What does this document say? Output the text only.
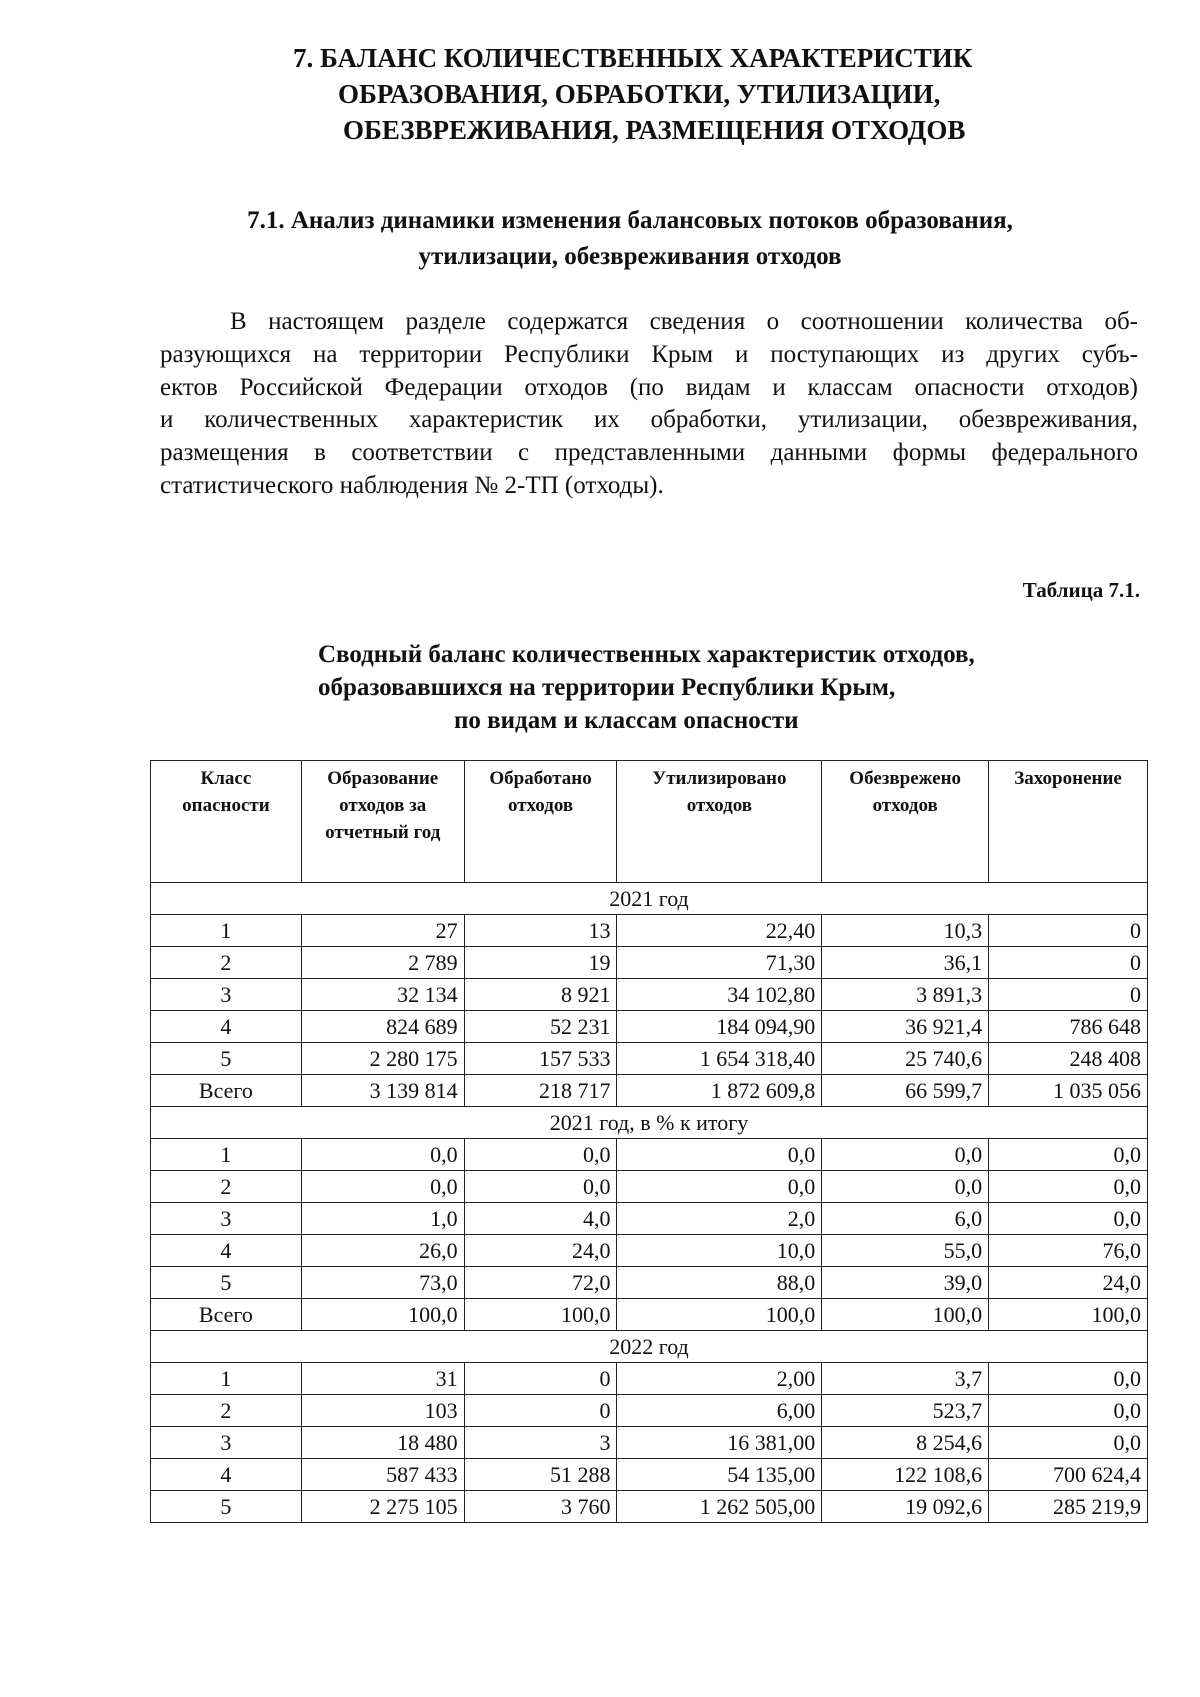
7. БАЛАНС КОЛИЧЕСТВЕННЫХ ХАРАКТЕРИСТИК
ОБРАЗОВАНИЯ, ОБРАБОТКИ, УТИЛИЗАЦИИ,
ОБЕЗВРЕЖИВАНИЯ, РАЗМЕЩЕНИЯ ОТХОДОВ
7.1. Анализ динамики изменения балансовых потоков образования,
утилизации, обезвреживания отходов
В настоящем разделе содержатся сведения о соотношении количества об-
разующихся на территории Республики Крым и поступающих из других субъ-
ектов Российской Федерации отходов (по видам и классам опасности отходов)
и количественных характеристик их обработки, утилизации, обезвреживания,
размещения в соответствии с представленными данными формы федерального
статистического наблюдения № 2-ТП (отходы).
Таблица 7.1.
Сводный баланс количественных характеристик отходов,
образовавшихся на территории Республики Крым,
по видам и классам опасности
Класс опасности	Образование отходов за отчетный год	Обработано отходов	Утилизировано отходов	Обезврежено отходов	Захоронение
2021 год					
1	27	13	22,40	10,3	0
2	2 789	19	71,30	36,1	0
3	32 134	8 921	34 102,80	3 891,3	0
4	824 689	52 231	184 094,90	36 921,4	786 648
5	2 280 175	157 533	1 654 318,40	25 740,6	248 408
Всего	3 139 814	218 717	1 872 609,8	66 599,7	1 035 056
2021 год, в % к итогу					
1	0,0	0,0	0,0	0,0	0,0
2	0,0	0,0	0,0	0,0	0,0
3	1,0	4,0	2,0	6,0	0,0
4	26,0	24,0	10,0	55,0	76,0
5	73,0	72,0	88,0	39,0	24,0
Всего	100,0	100,0	100,0	100,0	100,0
2022 год					
1	31	0	2,00	3,7	0,0
2	103	0	6,00	523,7	0,0
3	18 480	3	16 381,00	8 254,6	0,0
4	587 433	51 288	54 135,00	122 108,6	700 624,4
5	2 275 105	3 760	1 262 505,00	19 092,6	285 219,9
